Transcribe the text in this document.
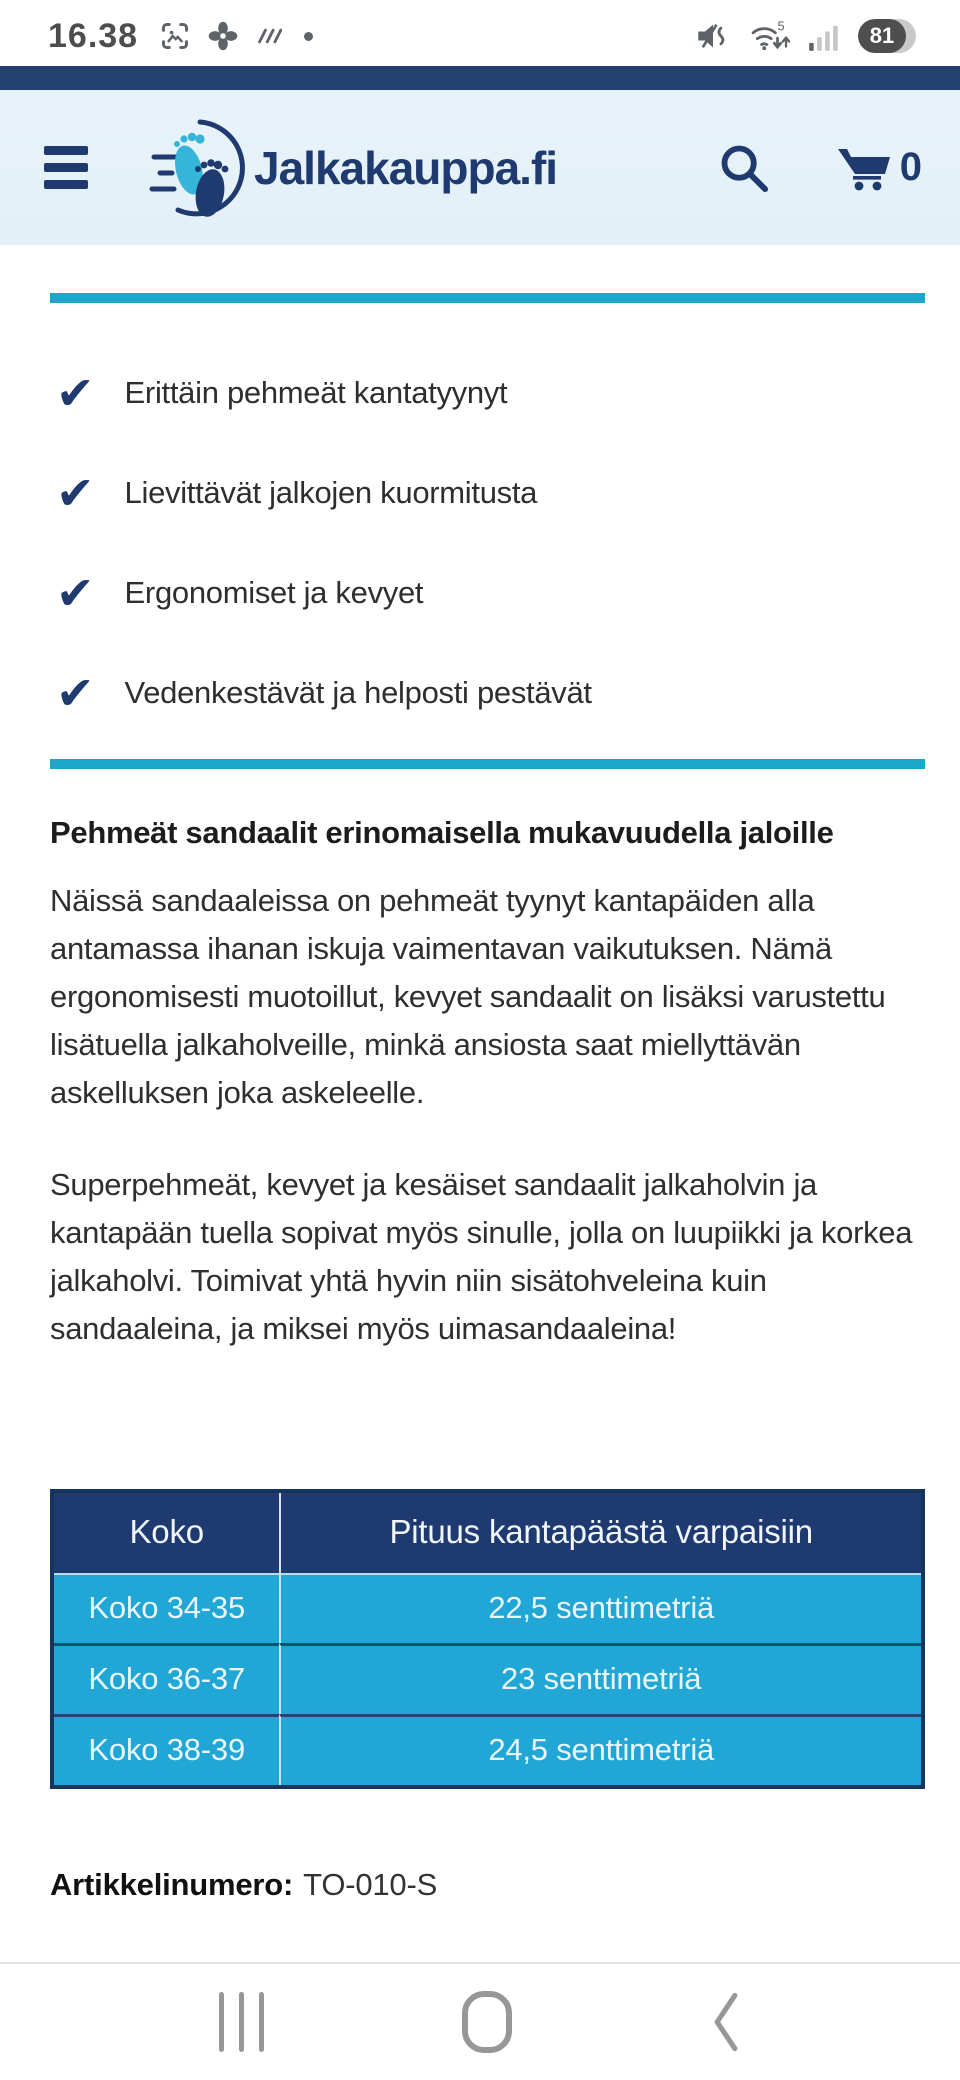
16.38	5	81
Jalkakauppa.fi	0
✔ Erittäin pehmeät kantatyynyt
✔ Lievittävät jalkojen kuormitusta
✔ Ergonomiset ja kevyet
✔ Vedenkestävät ja helposti pestävät
Pehmeät sandaalit erinomaisella mukavuudella jaloille

Näissä sandaaleissa on pehmeät tyynyt kantapäiden alla antamassa ihanan iskuja vaimentavan vaikutuksen. Nämä ergonomisesti muotoillut, kevyet sandaalit on lisäksi varustettu lisätuella jalkaholveille, minkä ansiosta saat miellyttävän askelluksen joka askeleelle.

Superpehmeät, kevyet ja kesäiset sandaalit jalkaholvin ja kantapään tuella sopivat myös sinulle, jolla on luupiikki ja korkea jalkaholvi. Toimivat yhtä hyvin niin sisätohveleina kuin sandaaleina, ja miksei myös uimasandaaleina!

Koko	Pituus kantapäästä varpaisiin
Koko 34-35	22,5 senttimetriä
Koko 36-37	23 senttimetriä
Koko 38-39	24,5 senttimetriä

Artikkelinumero: TO-010-S
